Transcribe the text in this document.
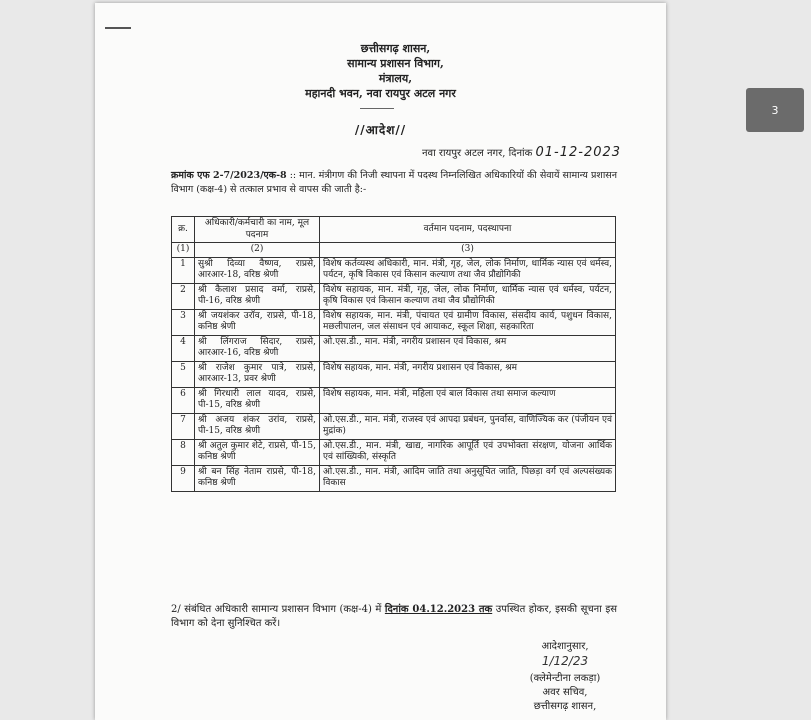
छत्तीसगढ़ शासन,
सामान्य प्रशासन विभाग,
मंत्रालय,
महानदी भवन, नवा रायपुर अटल नगर
//आदेश//
नवा रायपुर अटल नगर, दिनांक 01-12-2023
क्रमांक एफ 2-7/2023/एक-8 :: मान. मंत्रीगण की निजी स्थापना में पदस्थ निम्नलिखित अधिकारियों की सेवायें सामान्य प्रशासन विभाग (कक्ष-4) से तत्काल प्रभाव से वापस की जाती है:-
क्र.	अधिकारी/कर्मचारी का नाम, मूल पदनाम	वर्तमान पदनाम, पदस्थापना
(1)	(2)	(3)
1	सुश्री दिव्या वैष्णव, राप्रसे, आरआर-18, वरिष्ठ श्रेणी	विशेष कर्तव्यस्थ अधिकारी, मान. मंत्री, गृह, जेल, लोक निर्माण, धार्मिक न्यास एवं धर्मस्व, पर्यटन, कृषि विकास एवं किसान कल्याण तथा जैव प्रौद्योगिकी
2	श्री कैलाश प्रसाद वर्मा, राप्रसे, पी-16, वरिष्ठ श्रेणी	विशेष सहायक, मान. मंत्री, गृह, जेल, लोक निर्माण, धार्मिक न्यास एवं धर्मस्व, पर्यटन, कृषि विकास एवं किसान कल्याण तथा जैव प्रौद्योगिकी
3	श्री जयशंकर उरॉव, राप्रसे, पी-18, कनिष्ठ श्रेणी	विशेष सहायक, मान. मंत्री, पंचायत एवं ग्रामीण विकास, संसदीय कार्य, पशुधन विकास, मछलीपालन, जल संसाधन एवं आयाकट, स्कूल शिक्षा, सहकारिता
4	श्री लिंगराज सिदार, राप्रसे, आरआर-16, वरिष्ठ श्रेणी	ओ.एस.डी., मान. मंत्री, नगरीय प्रशासन एवं विकास, श्रम
5	श्री राजेश कुमार पात्रे, राप्रसे, आरआर-13, प्रवर श्रेणी	विशेष सहायक, मान. मंत्री, नगरीय प्रशासन एवं विकास, श्रम
6	श्री गिरधारी लाल यादव, राप्रसे, पी-15, वरिष्ठ श्रेणी	विशेष सहायक, मान. मंत्री, महिला एवं बाल विकास तथा समाज कल्याण
7	श्री अजय शंकर उरांव, राप्रसे, पी-15, वरिष्ठ श्रेणी	ओ.एस.डी., मान. मंत्री, राजस्व एवं आपदा प्रबंधन, पुनर्वास, वाणिज्यिक कर (पंजीयन एवं मुद्रांक)
8	श्री अतुल कुमार शेटे, राप्रसे, पी-15, कनिष्ठ श्रेणी	ओ.एस.डी., मान. मंत्री, खाद्य, नागरिक आपूर्ति एवं उपभोक्ता संरक्षण, योजना आर्थिक एवं सांख्यिकी, संस्कृति
9	श्री बन सिंह नेताम राप्रसे, पी-18, कनिष्ठ श्रेणी	ओ.एस.डी., मान. मंत्री, आदिम जाति तथा अनुसूचित जाति, पिछड़ा वर्ग एवं अल्पसंख्यक विकास
2/ संबंधित अधिकारी सामान्य प्रशासन विभाग (कक्ष-4) में दिनांक 04.12.2023 तक उपस्थित होकर, इसकी सूचना इस विभाग को देना सुनिश्चित करें।
आदेशानुसार,
1/12/23
(क्लेमेन्टीना लकड़ा)
अवर सचिव,
छत्तीसगढ़ शासन,
3
